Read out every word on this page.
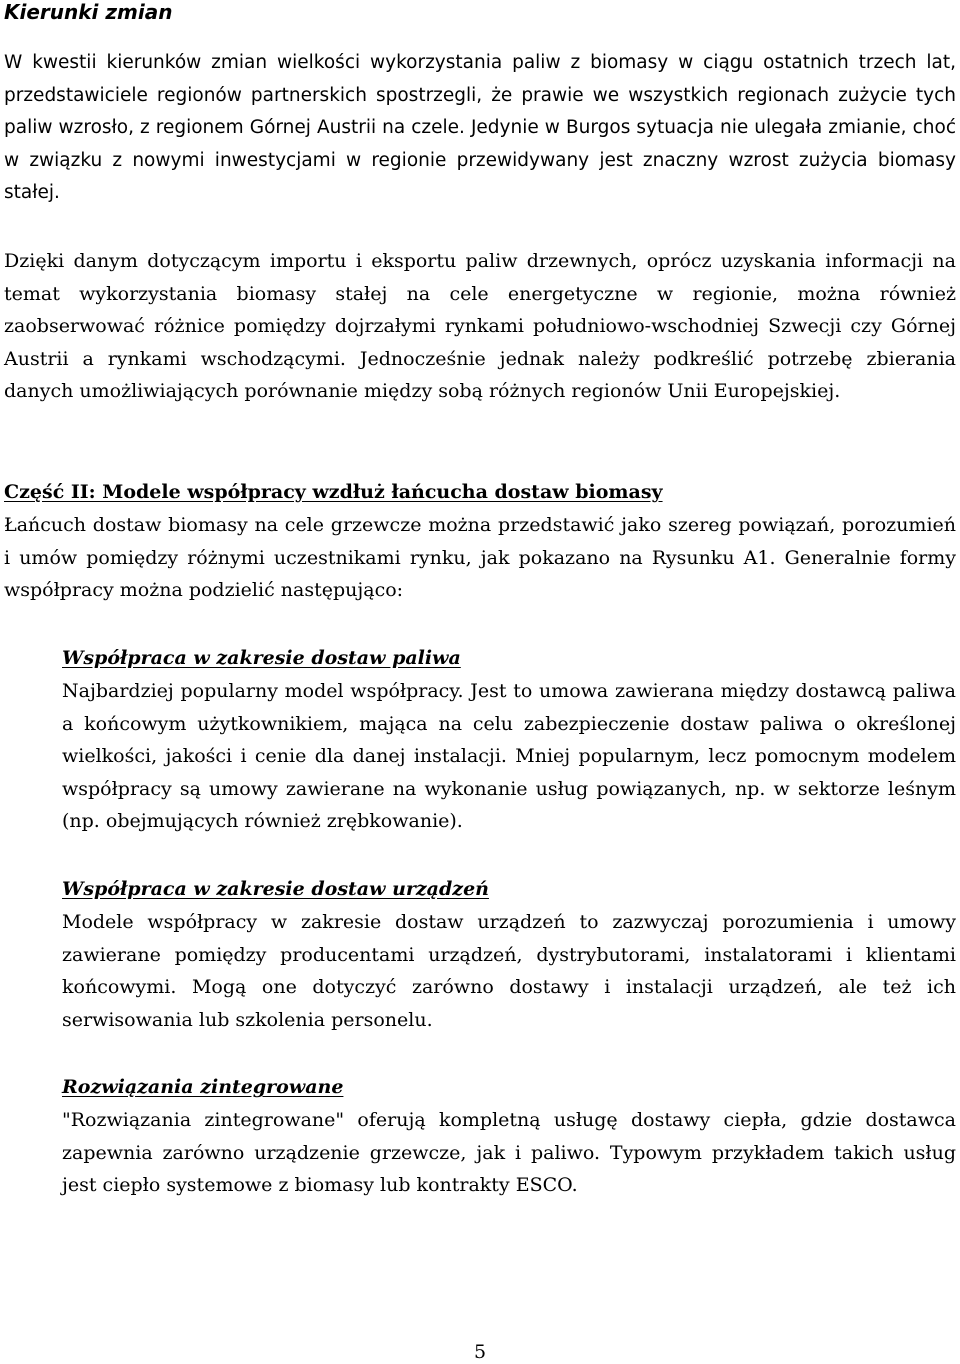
Kierunki zmian

W kwestii kierunków zmian wielkości wykorzystania paliw z biomasy w ciągu ostatnich trzech lat, przedstawiciele regionów partnerskich spostrzegli, że prawie we wszystkich regionach zużycie tych paliw wzrosło, z regionem Górnej Austrii na czele. Jedynie w Burgos sytuacja nie ulegała zmianie, choć w związku z nowymi inwestycjami w regionie przewidywany jest znaczny wzrost zużycia biomasy stałej.

Dzięki danym dotyczącym importu i eksportu paliw drzewnych, oprócz uzyskania informacji na temat wykorzystania biomasy stałej na cele energetyczne w regionie, można również zaobserwować różnice pomiędzy dojrzałymi rynkami południowo-wschodniej Szwecji czy Górnej Austrii a rynkami wschodzącymi. Jednocześnie jednak należy podkreślić potrzebę zbierania danych umożliwiających porównanie między sobą różnych regionów Unii Europejskiej.

Część II: Modele współpracy wzdłuż łańcucha dostaw biomasy

Łańcuch dostaw biomasy na cele grzewcze można przedstawić jako szereg powiązań, porozumień i umów pomiędzy różnymi uczestnikami rynku, jak pokazano na Rysunku A1. Generalnie formy współpracy można podzielić następująco:

Współpraca w zakresie dostaw paliwa

Najbardziej popularny model współpracy. Jest to umowa zawierana między dostawcą paliwa a końcowym użytkownikiem, mająca na celu zabezpieczenie dostaw paliwa o określonej wielkości, jakości i cenie dla danej instalacji. Mniej popularnym, lecz pomocnym modelem współpracy są umowy zawierane na wykonanie usług powiązanych, np. w sektorze leśnym (np. obejmujących również zrębkowanie).

Współpraca w zakresie dostaw urządzeń

Modele współpracy w zakresie dostaw urządzeń to zazwyczaj porozumienia i umowy zawierane pomiędzy producentami urządzeń, dystrybutorami, instalatorami i klientami końcowymi. Mogą one dotyczyć zarówno dostawy i instalacji urządzeń, ale też ich serwisowania lub szkolenia personelu.

Rozwiązania zintegrowane

"Rozwiązania zintegrowane" oferują kompletną usługę dostawy ciepła, gdzie dostawca zapewnia zarówno urządzenie grzewcze, jak i paliwo. Typowym przykładem takich usług jest ciepło systemowe z biomasy lub kontrakty ESCO.

5
